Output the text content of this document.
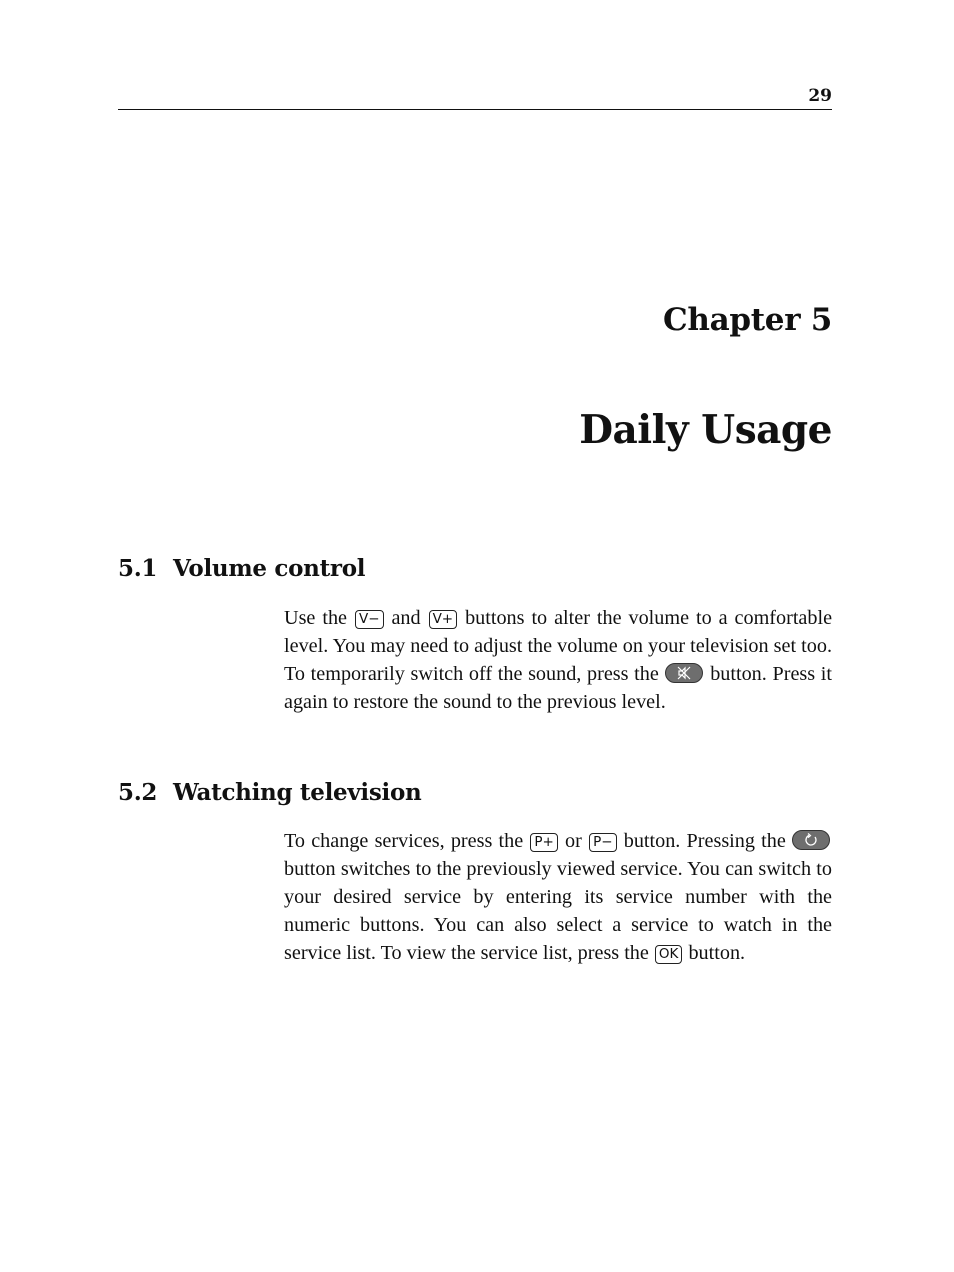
29
Chapter 5
Daily Usage
5.1 Volume control
Use the V− and V+ buttons to alter the volume to a comfortable level. You may need to adjust the volume on your television set too. To temporarily switch off the sound, press the	button. Press it again to restore the sound to the previous level.
5.2 Watching television
To change services, press the P+ or P− button. Pressing the
button switches to the previously viewed service. You can switch to your desired service by entering its service number with the numeric buttons. You can also select a service to watch in the service list. To view the service list, press the OK button.
